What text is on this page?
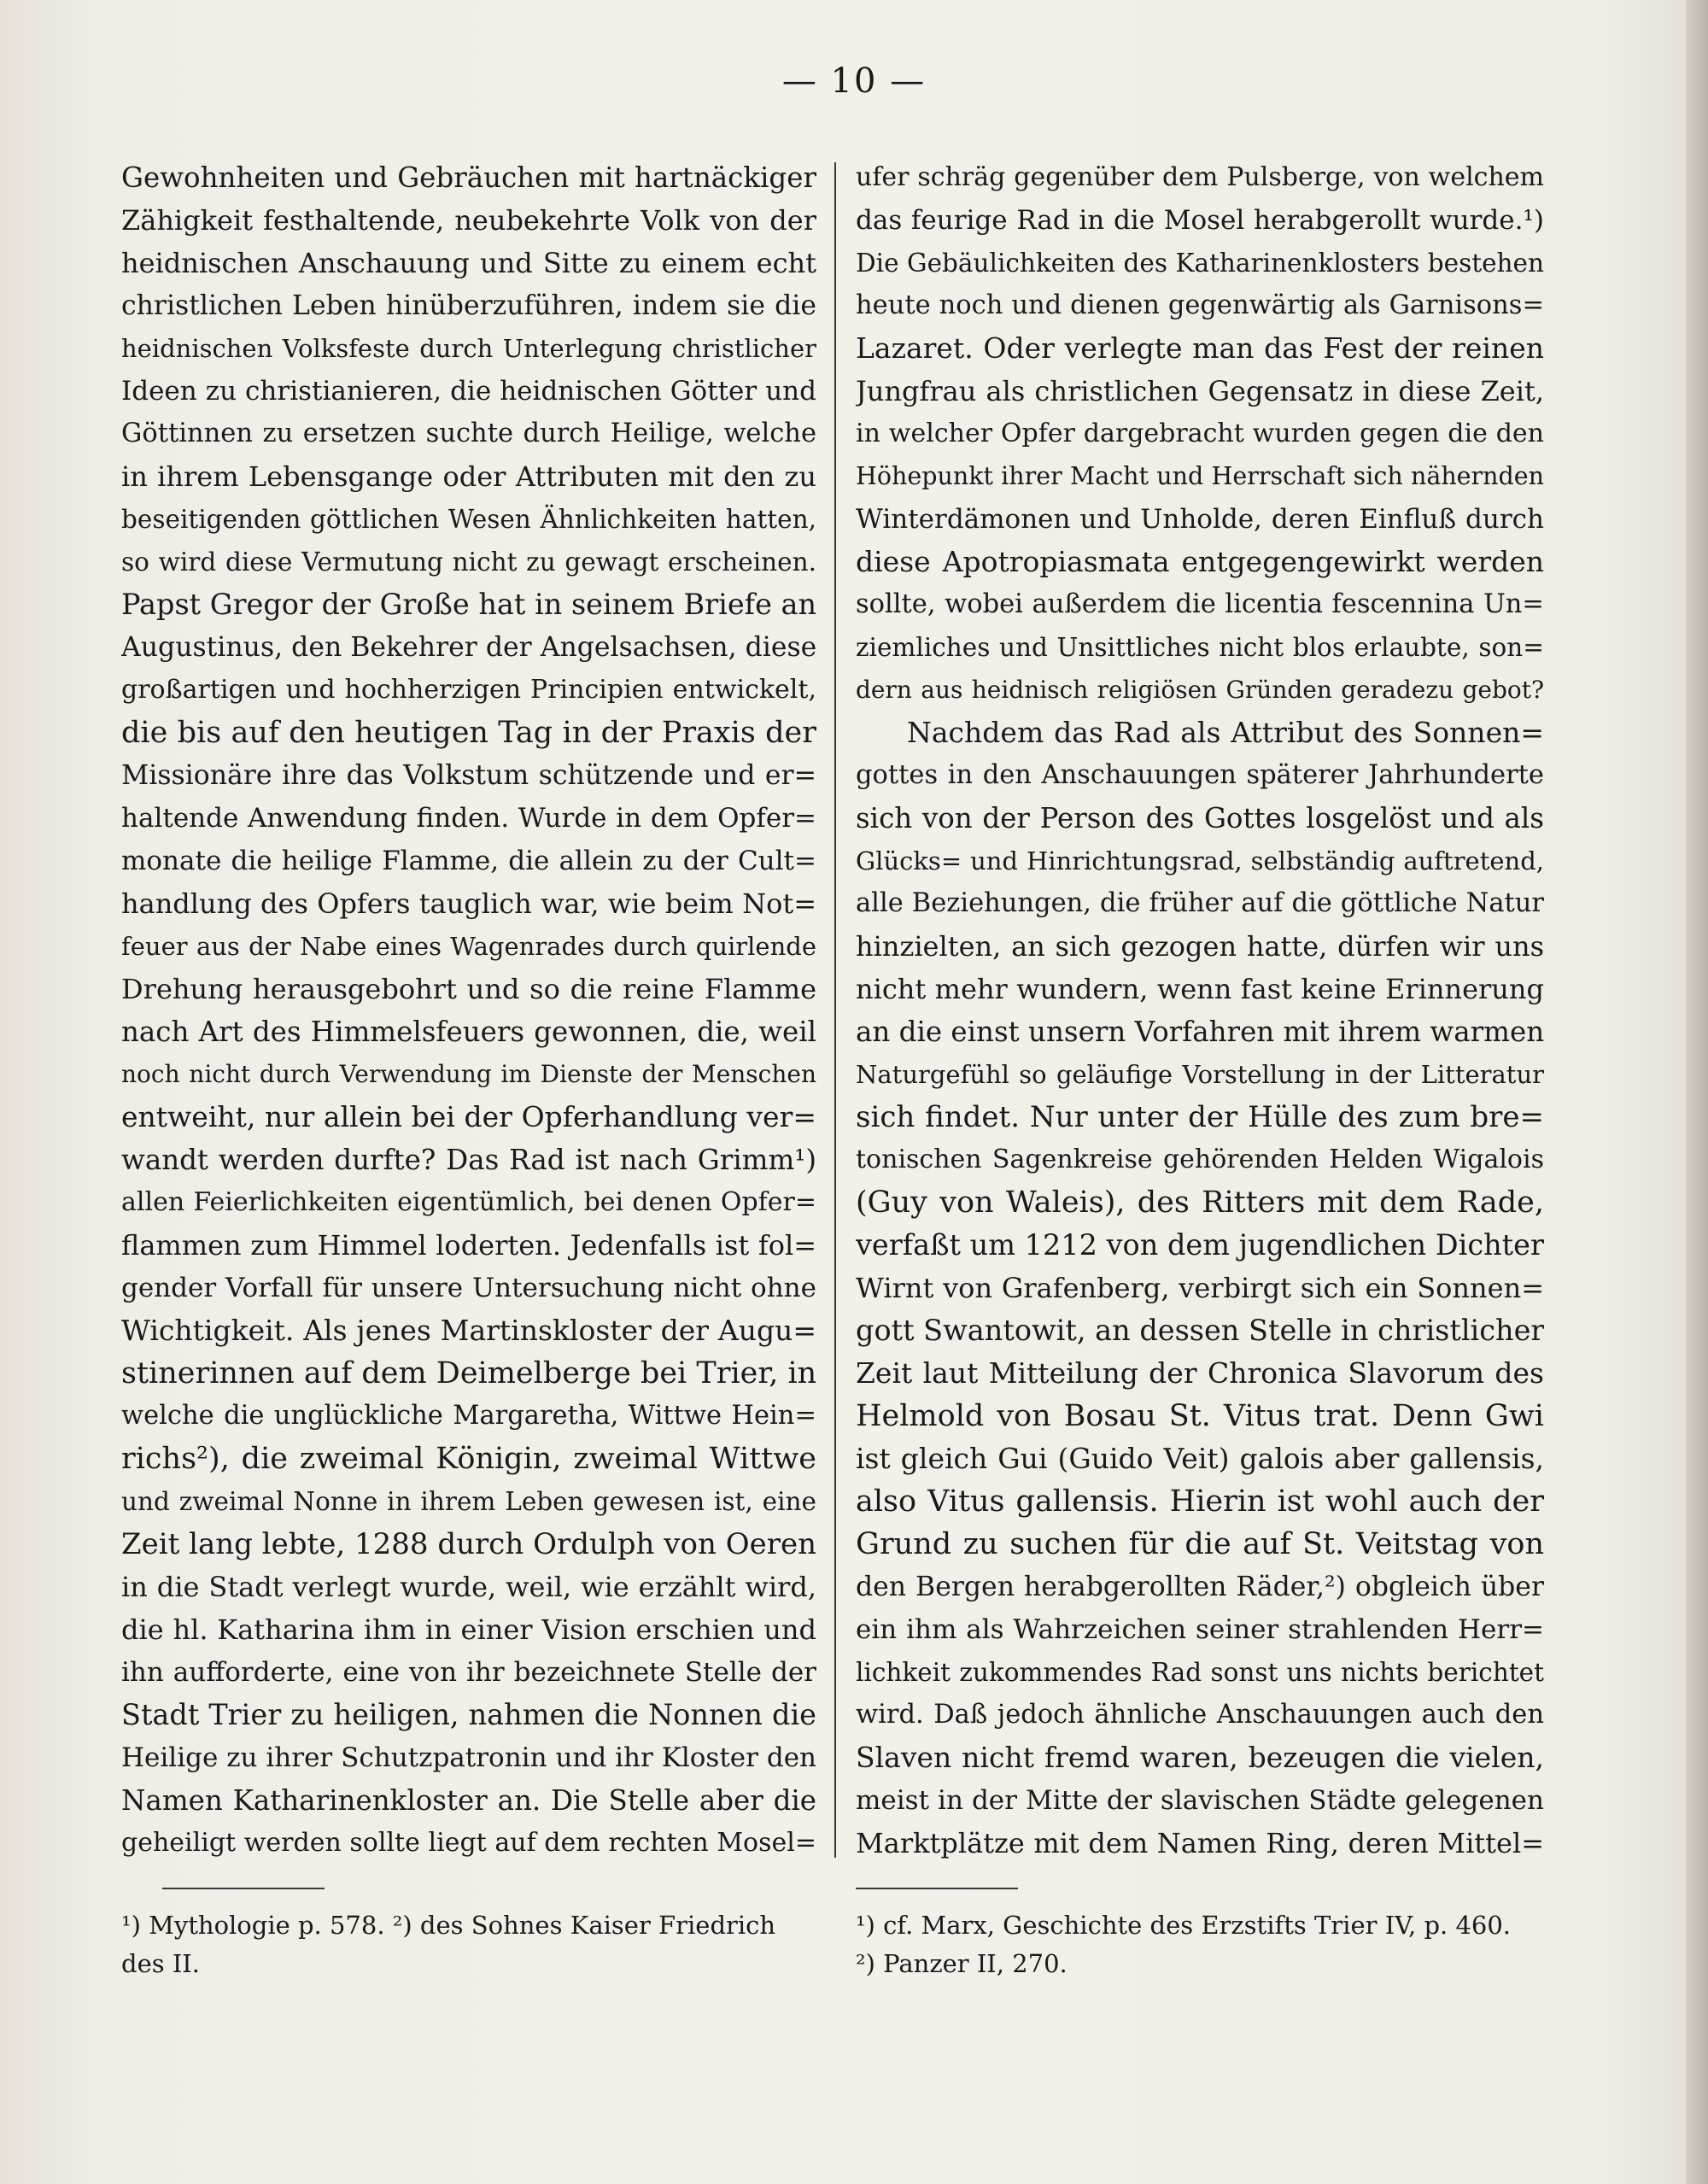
— 10 —
Gewohnheiten und Gebräuchen mit hartnäckiger
Zähigkeit festhaltende, neubekehrte Volk von der
heidnischen Anschauung und Sitte zu einem echt
christlichen Leben hinüberzuführen, indem sie die
heidnischen Volksfeste durch Unterlegung christlicher
Ideen zu christianieren, die heidnischen Götter und
Göttinnen zu ersetzen suchte durch Heilige, welche
in ihrem Lebensgange oder Attributen mit den zu
beseitigenden göttlichen Wesen Ähnlichkeiten hatten,
so wird diese Vermutung nicht zu gewagt erscheinen.
Papst Gregor der Große hat in seinem Briefe an
Augustinus, den Bekehrer der Angelsachsen, diese
großartigen und hochherzigen Principien entwickelt,
die bis auf den heutigen Tag in der Praxis der
Missionäre ihre das Volkstum schützende und er=
haltende Anwendung finden. Wurde in dem Opfer=
monate die heilige Flamme, die allein zu der Cult=
handlung des Opfers tauglich war, wie beim Not=
feuer aus der Nabe eines Wagenrades durch quirlende
Drehung herausgebohrt und so die reine Flamme
nach Art des Himmelsfeuers gewonnen, die, weil
noch nicht durch Verwendung im Dienste der Menschen
entweiht, nur allein bei der Opferhandlung ver=
wandt werden durfte? Das Rad ist nach Grimm¹)
allen Feierlichkeiten eigentümlich, bei denen Opfer=
flammen zum Himmel loderten. Jedenfalls ist fol=
gender Vorfall für unsere Untersuchung nicht ohne
Wichtigkeit. Als jenes Martinskloster der Augu=
stinerinnen auf dem Deimelberge bei Trier, in
welche die unglückliche Margaretha, Wittwe Hein=
richs²), die zweimal Königin, zweimal Wittwe
und zweimal Nonne in ihrem Leben gewesen ist, eine
Zeit lang lebte, 1288 durch Ordulph von Oeren
in die Stadt verlegt wurde, weil, wie erzählt wird,
die hl. Katharina ihm in einer Vision erschien und
ihn aufforderte, eine von ihr bezeichnete Stelle der
Stadt Trier zu heiligen, nahmen die Nonnen die
Heilige zu ihrer Schutzpatronin und ihr Kloster den
Namen Katharinenkloster an. Die Stelle aber die
geheiligt werden sollte liegt auf dem rechten Mosel=
ufer schräg gegenüber dem Pulsberge, von welchem
das feurige Rad in die Mosel herabgerollt wurde.¹)
Die Gebäulichkeiten des Katharinenklosters bestehen
heute noch und dienen gegenwärtig als Garnisons=
Lazaret. Oder verlegte man das Fest der reinen
Jungfrau als christlichen Gegensatz in diese Zeit,
in welcher Opfer dargebracht wurden gegen die den
Höhepunkt ihrer Macht und Herrschaft sich nähernden
Winterdämonen und Unholde, deren Einfluß durch
diese Apotropiasmata entgegengewirkt werden
sollte, wobei außerdem die licentia fescennina Un=
ziemliches und Unsittliches nicht blos erlaubte, son=
dern aus heidnisch religiösen Gründen geradezu gebot?
Nachdem das Rad als Attribut des Sonnen=
gottes in den Anschauungen späterer Jahrhunderte
sich von der Person des Gottes losgelöst und als
Glücks= und Hinrichtungsrad, selbständig auftretend,
alle Beziehungen, die früher auf die göttliche Natur
hinzielten, an sich gezogen hatte, dürfen wir uns
nicht mehr wundern, wenn fast keine Erinnerung
an die einst unsern Vorfahren mit ihrem warmen
Naturgefühl so geläufige Vorstellung in der Litteratur
sich findet. Nur unter der Hülle des zum bre=
tonischen Sagenkreise gehörenden Helden Wigalois
(Guy von Waleis), des Ritters mit dem Rade,
verfaßt um 1212 von dem jugendlichen Dichter
Wirnt von Grafenberg, verbirgt sich ein Sonnen=
gott Swantowit, an dessen Stelle in christlicher
Zeit laut Mitteilung der Chronica Slavorum des
Helmold von Bosau St. Vitus trat. Denn Gwi
ist gleich Gui (Guido Veit) galois aber gallensis,
also Vitus gallensis. Hierin ist wohl auch der
Grund zu suchen für die auf St. Veitstag von
den Bergen herabgerollten Räder,²) obgleich über
ein ihm als Wahrzeichen seiner strahlenden Herr=
lichkeit zukommendes Rad sonst uns nichts berichtet
wird. Daß jedoch ähnliche Anschauungen auch den
Slaven nicht fremd waren, bezeugen die vielen,
meist in der Mitte der slavischen Städte gelegenen
Marktplätze mit dem Namen Ring, deren Mittel=
¹) Mythologie p. 578. ²) des Sohnes Kaiser Friedrich
des II.
¹) cf. Marx, Geschichte des Erzstifts Trier IV, p. 460.
²) Panzer II, 270.
